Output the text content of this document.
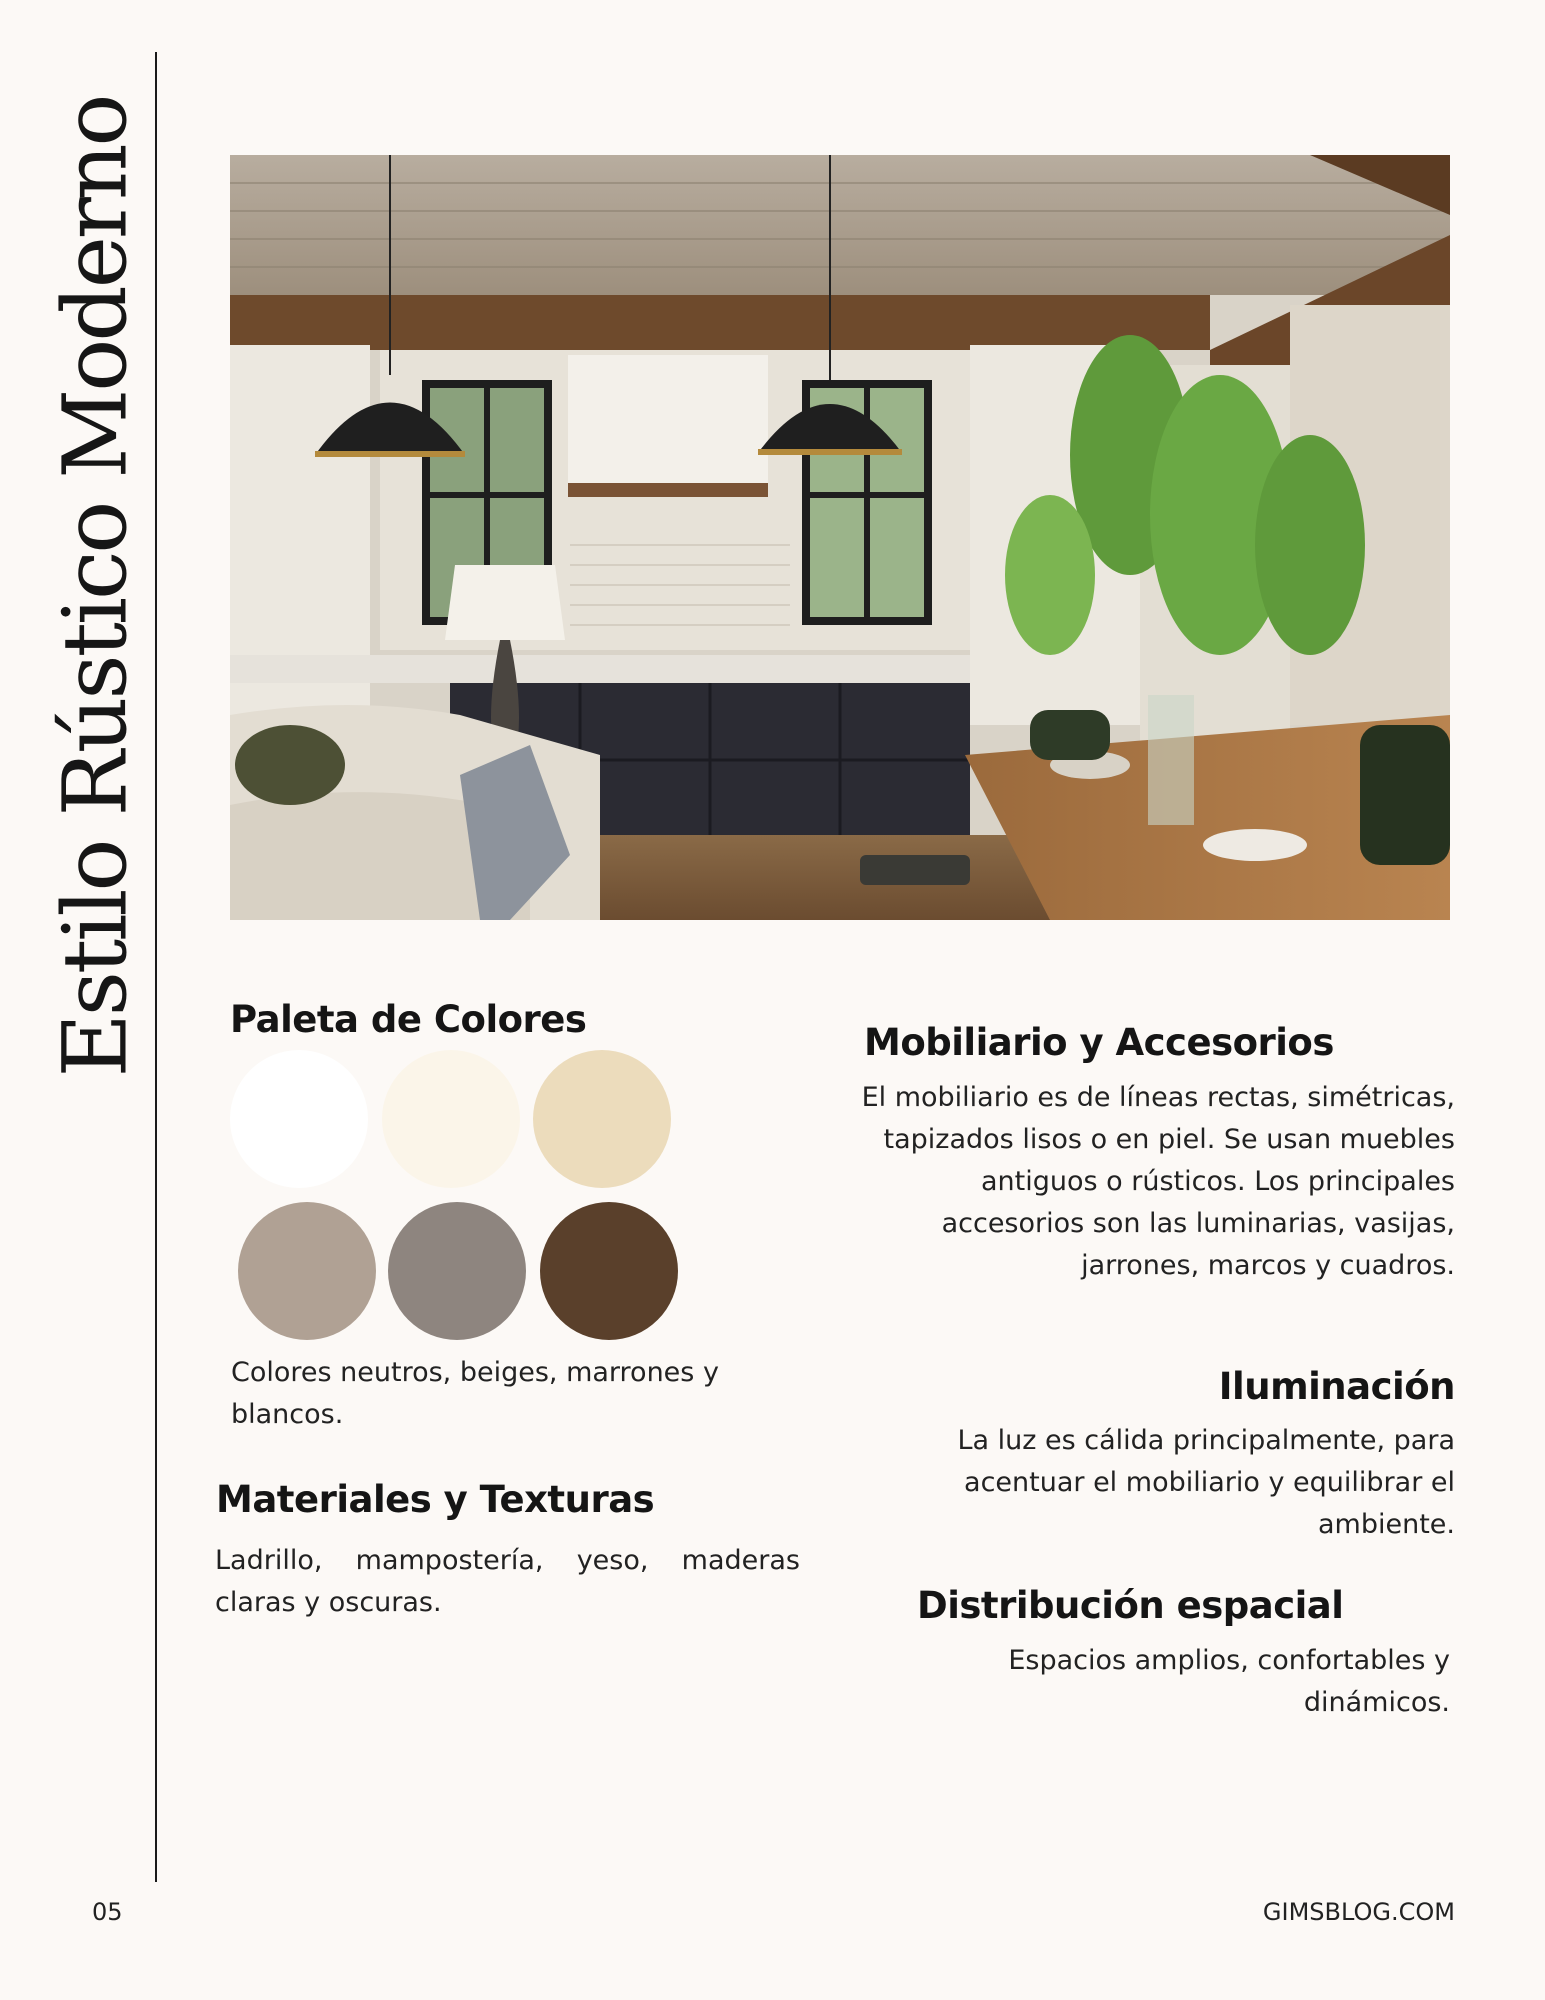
Estilo Rústico Moderno Paleta de Colores

Colores neutros, beiges, marrones y blancos.

Materiales y Texturas

Ladrillo, mampostería, yeso, maderas claras y oscuras.

Mobiliario y Accesorios

El mobiliario es de líneas rectas, simétricas, tapizados lisos o en piel. Se usan muebles antiguos o rústicos. Los principales accesorios son las luminarias, vasijas, jarrones, marcos y cuadros.

Iluminación

La luz es cálida principalmente, para acentuar el mobiliario y equilibrar el ambiente.

Distribución espacial

Espacios amplios, confortables y dinámicos.

05	GIMSBLOG.COM
